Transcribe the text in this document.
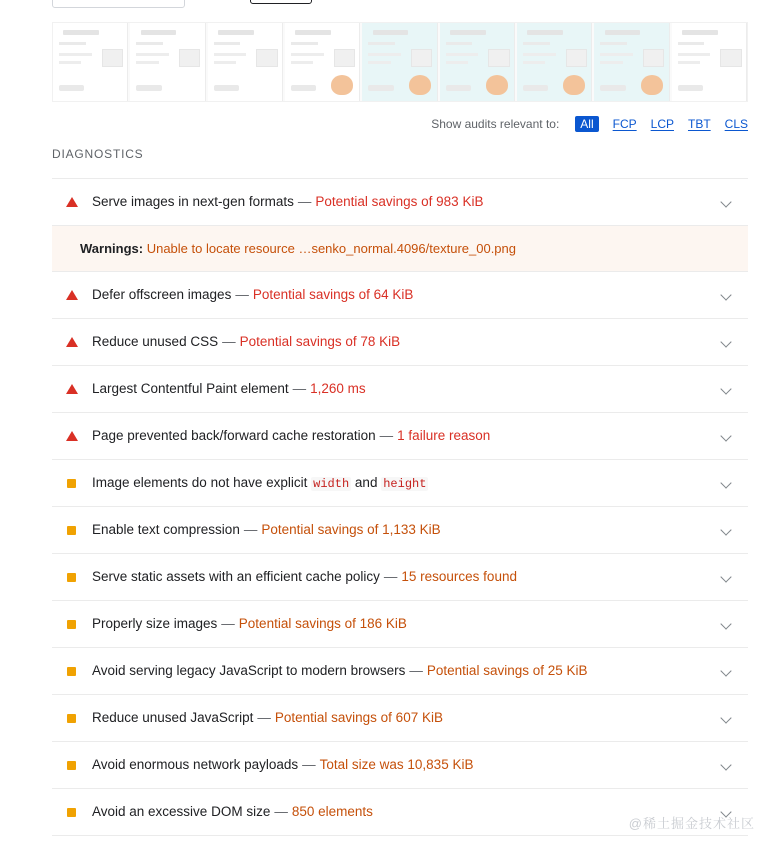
Show audits relevant to:	All	FCP LCP TBT CLS
DIAGNOSTICS
Serve images in next-gen formats — Potential savings of 983 KiB
Warnings: Unable to locate resource …senko_normal.4096/texture_00.png
Defer offscreen images — Potential savings of 64 KiB
Reduce unused CSS — Potential savings of 78 KiB
Largest Contentful Paint element — 1,260 ms
Page prevented back/forward cache restoration — 1 failure reason
Image elements do not have explicit width and height
Enable text compression — Potential savings of 1,133 KiB
Serve static assets with an efficient cache policy — 15 resources found
Properly size images — Potential savings of 186 KiB
Avoid serving legacy JavaScript to modern browsers — Potential savings of 25 KiB
Reduce unused JavaScript — Potential savings of 607 KiB
Avoid enormous network payloads — Total size was 10,835 KiB
Avoid an excessive DOM size — 850 elements
@稀土掘金技术社区
